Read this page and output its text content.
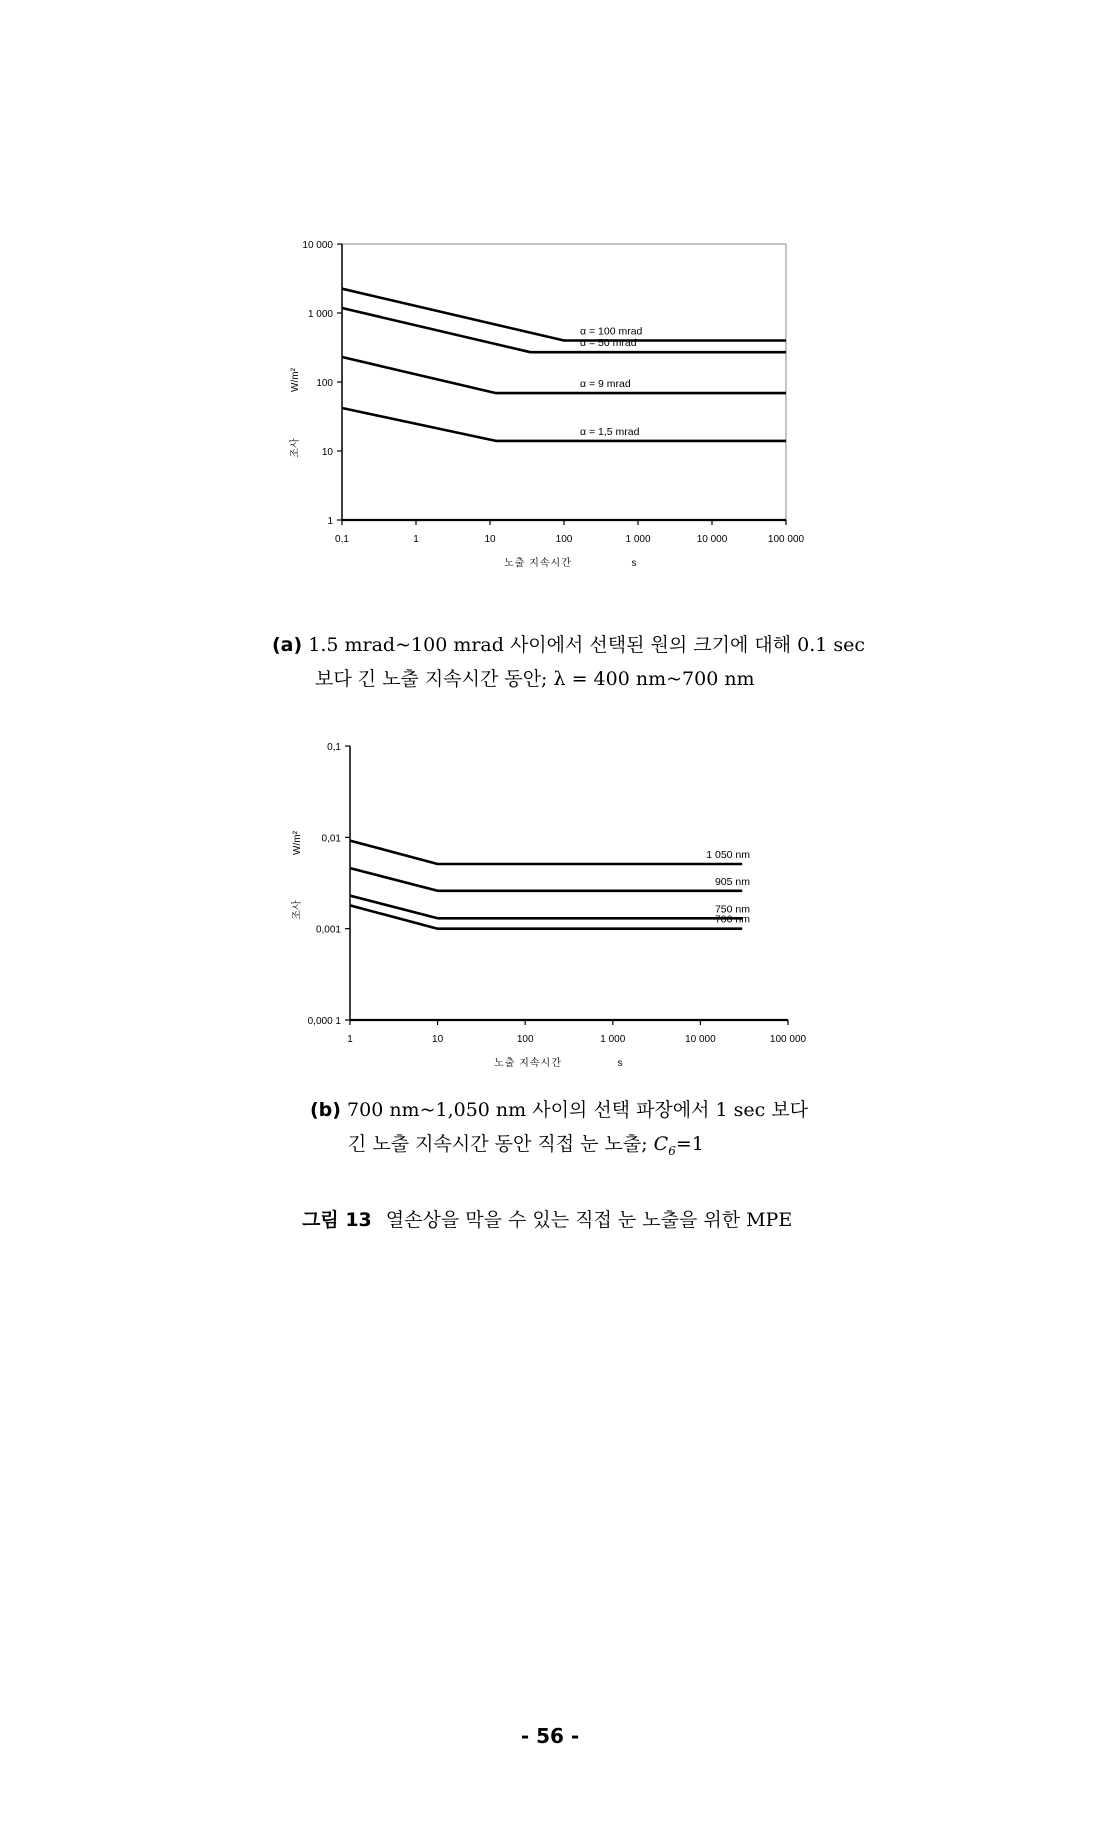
0,1	1	10	100	1 000	10 000	100 000
1
10
100
1 000
10 000
α = 100 mrad
α = 50 mrad
α = 9 mrad
α = 1,5 mrad
노출 지속시간	s
조사
W/m²
(a) 1.5 mrad~100 mrad 사이에서 선택된 원의 크기에 대해 0.1 sec
보다 긴 노출 지속시간 동안; λ = 400 nm~700 nm
1	10	100	1 000	10 000	100 000
0,000 1
0,001
0,01
0,1
1 050 nm
905 nm
750 nm
700 nm
노출 지속시간	s
조사
W/m²
(b) 700 nm~1,050 nm 사이의 선택 파장에서 1 sec 보다
긴 노출 지속시간 동안 직접 눈 노출; $C_6=1$
그림 13 열손상을 막을 수 있는 직접 눈 노출을 위한 MPE
- 56 -
